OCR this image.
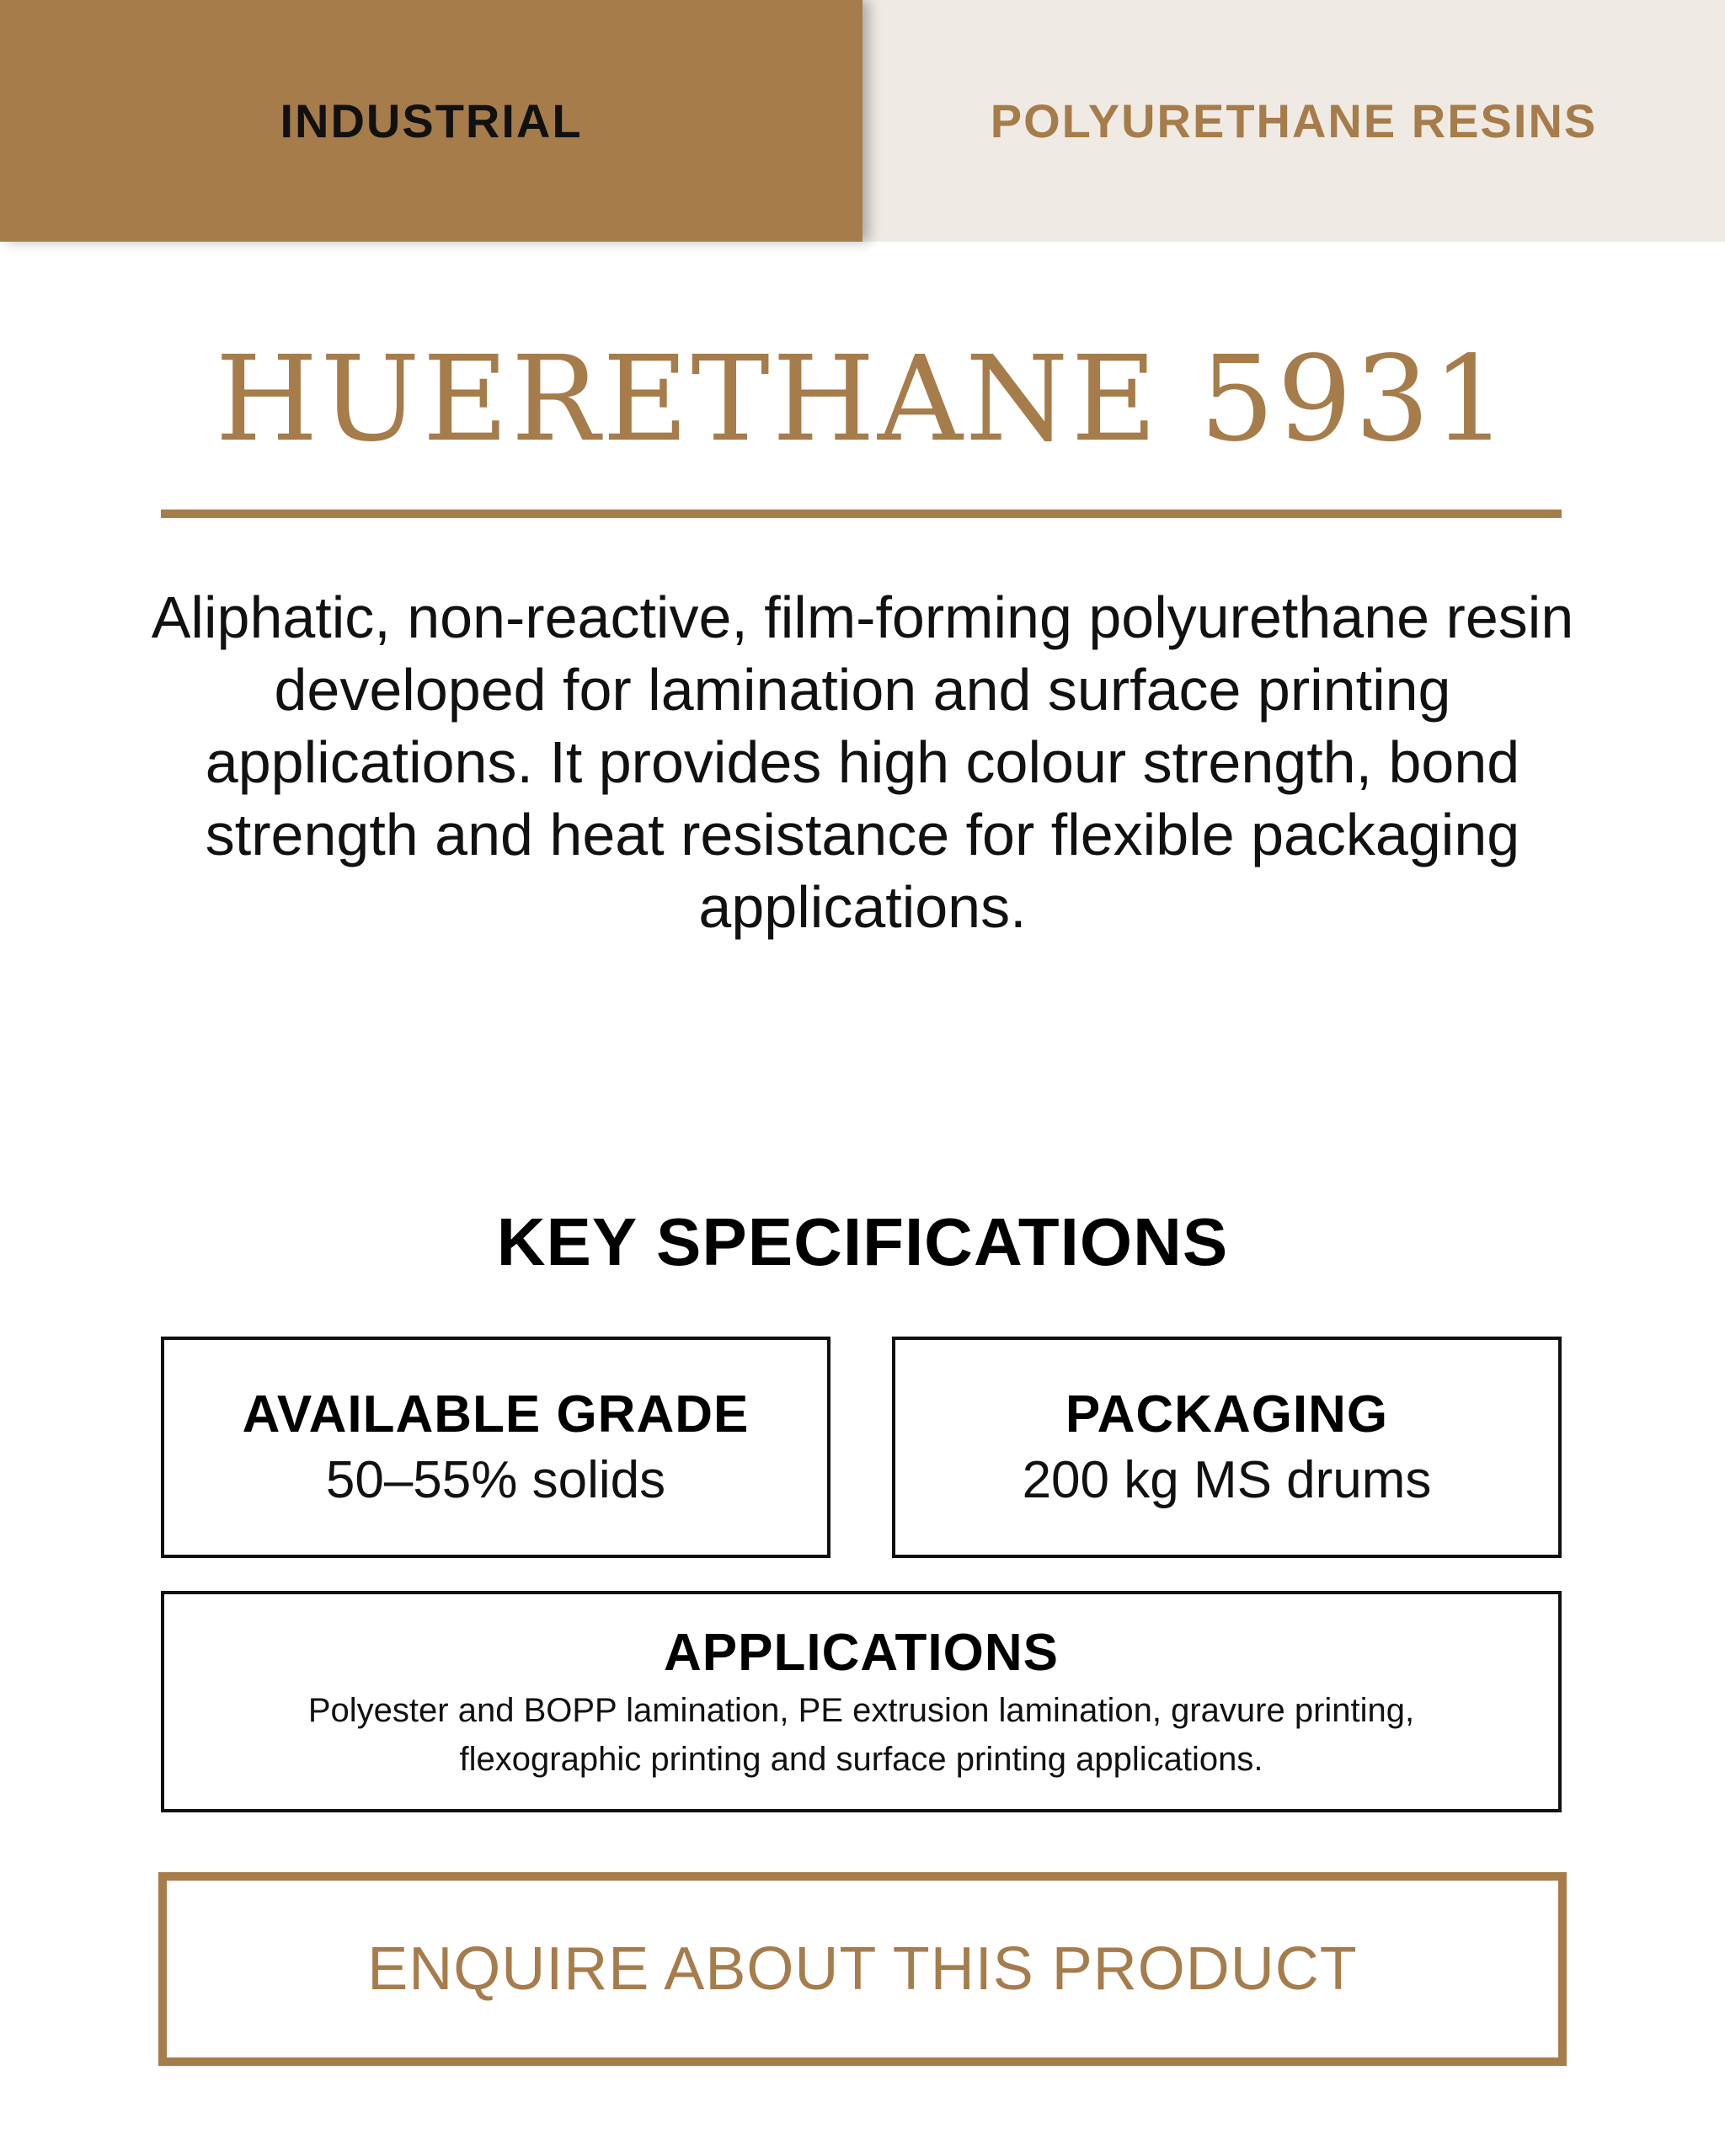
INDUSTRIAL	POLYURETHANE RESINS
HUERETHANE 5931
Aliphatic, non-reactive, film-forming polyurethane resin developed for lamination and surface printing applications. It provides high colour strength, bond strength and heat resistance for flexible packaging applications.
KEY SPECIFICATIONS
AVAILABLE GRADE
50–55% solids
PACKAGING
200 kg MS drums
APPLICATIONS
Polyester and BOPP lamination, PE extrusion lamination, gravure printing, flexographic printing and surface printing applications.
ENQUIRE ABOUT THIS PRODUCT
